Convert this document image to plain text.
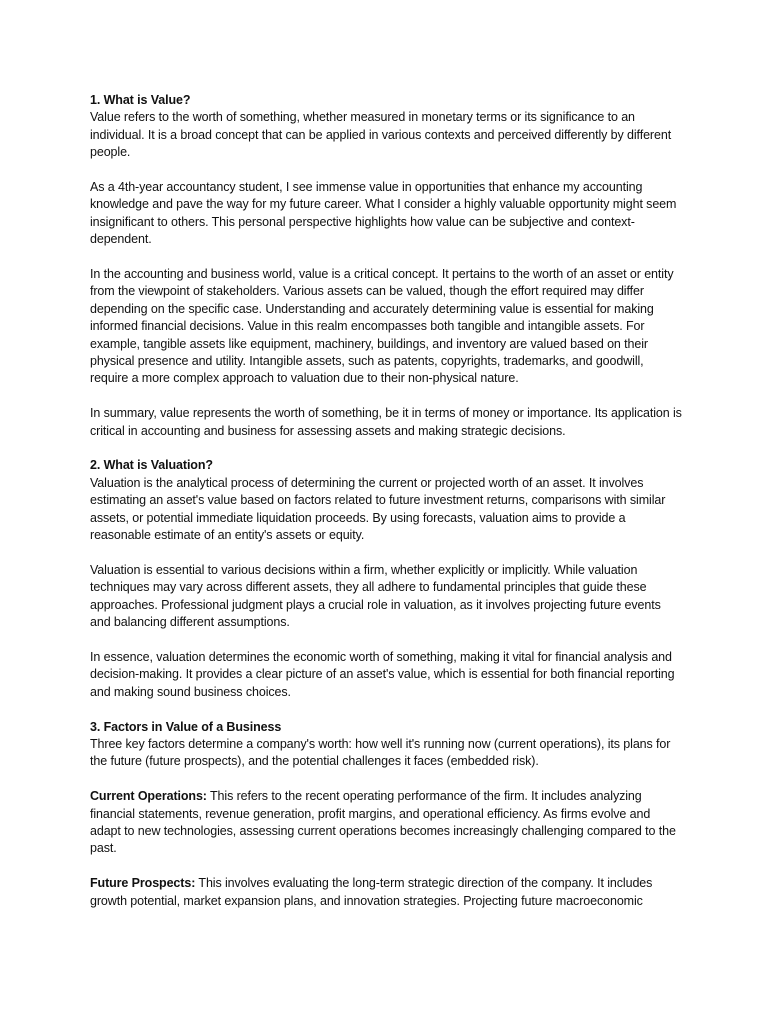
1. What is Value?

Value refers to the worth of something, whether measured in monetary terms or its significance to an individual. It is a broad concept that can be applied in various contexts and perceived differently by different people.

As a 4th-year accountancy student, I see immense value in opportunities that enhance my accounting knowledge and pave the way for my future career. What I consider a highly valuable opportunity might seem insignificant to others. This personal perspective highlights how value can be subjective and context-dependent.

In the accounting and business world, value is a critical concept. It pertains to the worth of an asset or entity from the viewpoint of stakeholders. Various assets can be valued, though the effort required may differ depending on the specific case. Understanding and accurately determining value is essential for making informed financial decisions. Value in this realm encompasses both tangible and intangible assets. For example, tangible assets like equipment, machinery, buildings, and inventory are valued based on their physical presence and utility. Intangible assets, such as patents, copyrights, trademarks, and goodwill, require a more complex approach to valuation due to their non-physical nature.

In summary, value represents the worth of something, be it in terms of money or importance. Its application is critical in accounting and business for assessing assets and making strategic decisions.

2. What is Valuation?

Valuation is the analytical process of determining the current or projected worth of an asset. It involves estimating an asset's value based on factors related to future investment returns, comparisons with similar assets, or potential immediate liquidation proceeds. By using forecasts, valuation aims to provide a reasonable estimate of an entity's assets or equity.

Valuation is essential to various decisions within a firm, whether explicitly or implicitly. While valuation techniques may vary across different assets, they all adhere to fundamental principles that guide these approaches. Professional judgment plays a crucial role in valuation, as it involves projecting future events and balancing different assumptions.

In essence, valuation determines the economic worth of something, making it vital for financial analysis and decision-making. It provides a clear picture of an asset's value, which is essential for both financial reporting and making sound business choices.

3. Factors in Value of a Business

Three key factors determine a company's worth: how well it's running now (current operations), its plans for the future (future prospects), and the potential challenges it faces (embedded risk).

Current Operations: This refers to the recent operating performance of the firm. It includes analyzing financial statements, revenue generation, profit margins, and operational efficiency. As firms evolve and adapt to new technologies, assessing current operations becomes increasingly challenging compared to the past.

Future Prospects: This involves evaluating the long-term strategic direction of the company. It includes growth potential, market expansion plans, and innovation strategies. Projecting future macroeconomic
